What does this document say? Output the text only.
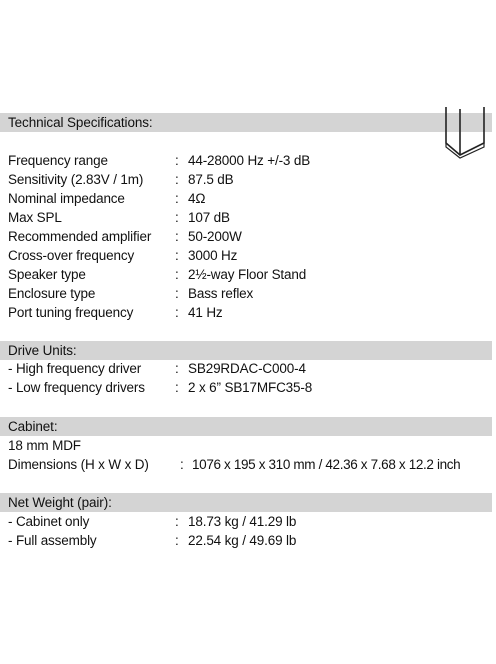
Technical Specifications:
Frequency range	: 44-28000 Hz +/-3 dB
Sensitivity (2.83V / 1m) : 87.5 dB
Nominal impedance	: 4Ω
Max SPL	: 107 dB
Recommended amplifier : 50-200W
Cross-over frequency	: 3000 Hz
Speaker type	: 2½-way Floor Stand
Enclosure type	: Bass reflex
Port tuning frequency	: 41 Hz
Drive Units:
- High frequency driver	: SB29RDAC-C000-4
- Low frequency drivers : 2 x 6” SB17MFC35-8
Cabinet:
18 mm MDF
Dimensions (H x W x D) : 1076 x 195 x 310 mm / 42.36 x 7.68 x 12.2 inch
Net Weight (pair):
- Cabinet only	: 18.73 kg / 41.29 lb
- Full assembly	: 22.54 kg / 49.69 lb
